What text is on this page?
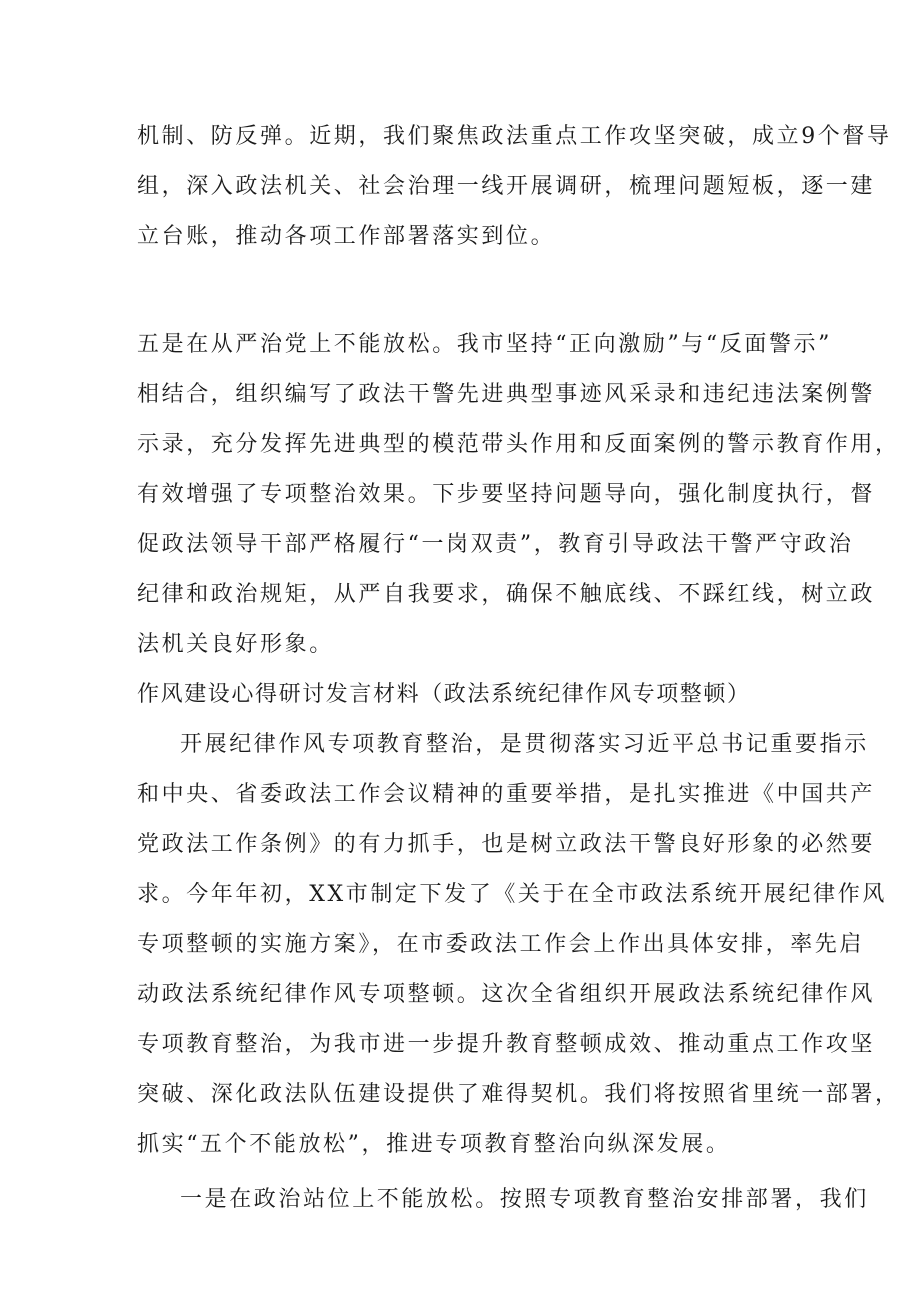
机制、防反弹。近期，我们聚焦政法重点工作攻坚突破，成立9个督导
组，深入政法机关、社会治理一线开展调研，梳理问题短板，逐一建
立台账，推动各项工作部署落实到位。
五是在从严治党上不能放松。我市坚持“正向激励”与“反面警示”
相结合，组织编写了政法干警先进典型事迹风采录和违纪违法案例警
示录，充分发挥先进典型的模范带头作用和反面案例的警示教育作用，
有效增强了专项整治效果。下步要坚持问题导向，强化制度执行，督
促政法领导干部严格履行“一岗双责”，教育引导政法干警严守政治
纪律和政治规矩，从严自我要求，确保不触底线、不踩红线，树立政
法机关良好形象。
作风建设心得研讨发言材料（政法系统纪律作风专项整顿）
开展纪律作风专项教育整治，是贯彻落实习近平总书记重要指示
和中央、省委政法工作会议精神的重要举措，是扎实推进《中国共产
党政法工作条例》的有力抓手，也是树立政法干警良好形象的必然要
求。今年年初，XX市制定下发了《关于在全市政法系统开展纪律作风
专项整顿的实施方案》，在市委政法工作会上作出具体安排，率先启
动政法系统纪律作风专项整顿。这次全省组织开展政法系统纪律作风
专项教育整治，为我市进一步提升教育整顿成效、推动重点工作攻坚
突破、深化政法队伍建设提供了难得契机。我们将按照省里统一部署，
抓实“五个不能放松”，推进专项教育整治向纵深发展。
一是在政治站位上不能放松。按照专项教育整治安排部署，我们
